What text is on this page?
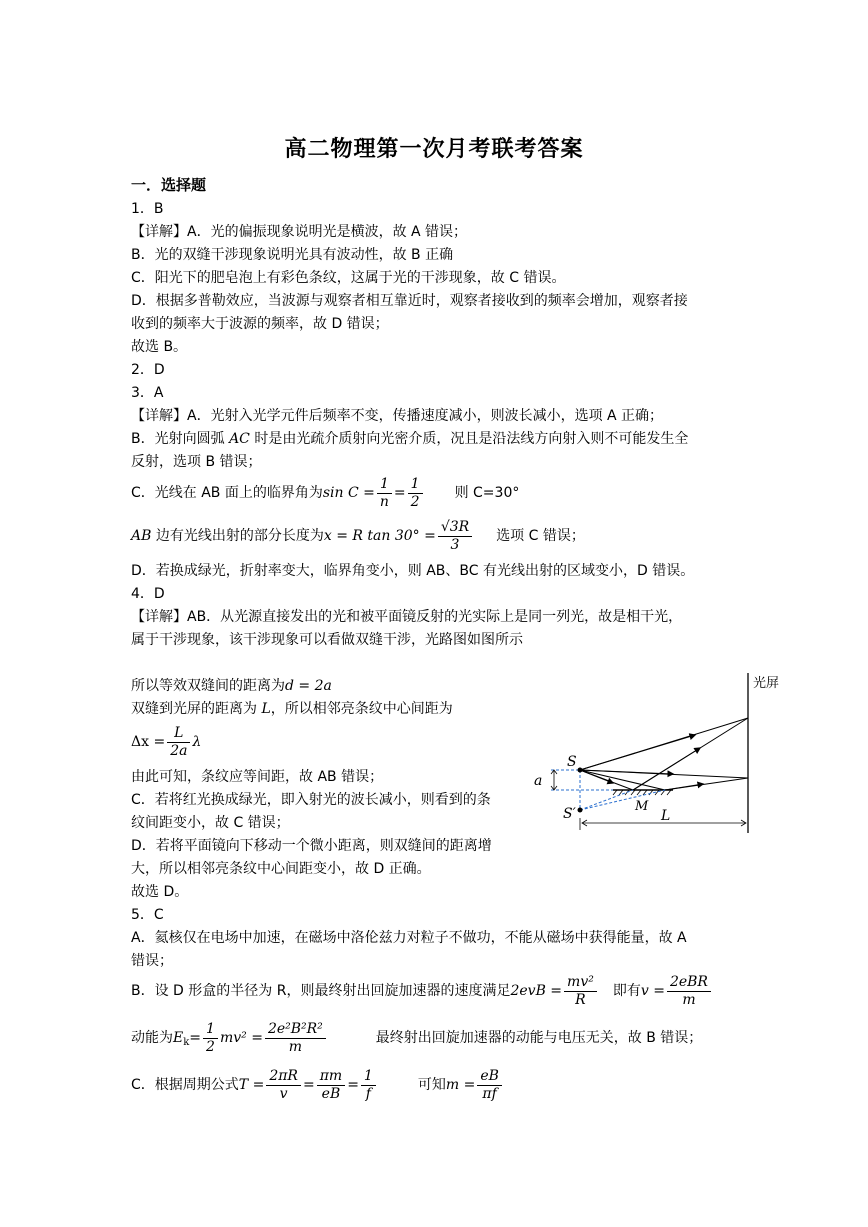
高二物理第一次月考联考答案
一．选择题
1．B
【详解】A．光的偏振现象说明光是横波，故 A 错误；
B．光的双缝干涉现象说明光具有波动性，故 B 正确
C．阳光下的肥皂泡上有彩色条纹，这属于光的干涉现象，故 C 错误。
D．根据多普勒效应，当波源与观察者相互靠近时，观察者接收到的频率会增加，观察者接
收到的频率大于波源的频率，故 D 错误；
故选 B。
2．D
3．A
【详解】A．光射入光学元件后频率不变，传播速度减小，则波长减小，选项 A 正确；
B．光射向圆弧 AC 时是由光疏介质射向光密介质，况且是沿法线方向射入则不可能发生全
反射，选项 B 错误；
C．光线在 AB 面上的临界角为$\sin C = \frac{1}{n} = \frac{1}{2}$ 则 C=30°
AB 边有光线出射的部分长度为x = R $\tan 30^\circ = \frac{√3R}{3}$ 选项 C 错误；
D．若换成绿光，折射率变大，临界角变小，则 AB、BC 有光线出射的区域变小，D 错误。
4．D
【详解】AB．从光源直接发出的光和被平面镜反射的光实际上是同一列光，故是相干光，
属于干涉现象，该干涉现象可以看做双缝干涉，光路图如图所示
所以等效双缝间的距离为d = 2a
双缝到光屏的距离为 L，所以相邻亮条纹中心间距为
$\Delta x = \frac{L}{2a}$ λ
由此可知，条纹应等间距，故 AB 错误；
C．若将红光换成绿光，即入射光的波长减小，则看到的条
纹间距变小，故 C 错误；
D．若将平面镜向下移动一个微小距离，则双缝间的距离增
大，所以相邻亮条纹中心间距变小，故 D 正确。
故选 D。
光屏
a
S
S′	M
L
5．C
A．氦核仅在电场中加速，在磁场中洛伦兹力对粒子不做功，不能从磁场中获得能量，故 A
错误；
B．设 D 形盒的半径为 R，则最终射出回旋加速器的速度满足$2evB = \frac{\text{mv²}}{R}$ 即有$v = \frac{\text{2eBR}}{m}$
动能为$E_k= \frac{1}{2} mv^2 = \frac{\text{2e²B²R²}}{m}$	最终射出回旋加速器的动能与电压无关，故 B 错误；
C．根据周期公式$T = \frac{2\pi R}{v} = \frac{\pi m}{eB} = \frac{1}{f}$	可知$m = \frac{eB}{\pi f}$
